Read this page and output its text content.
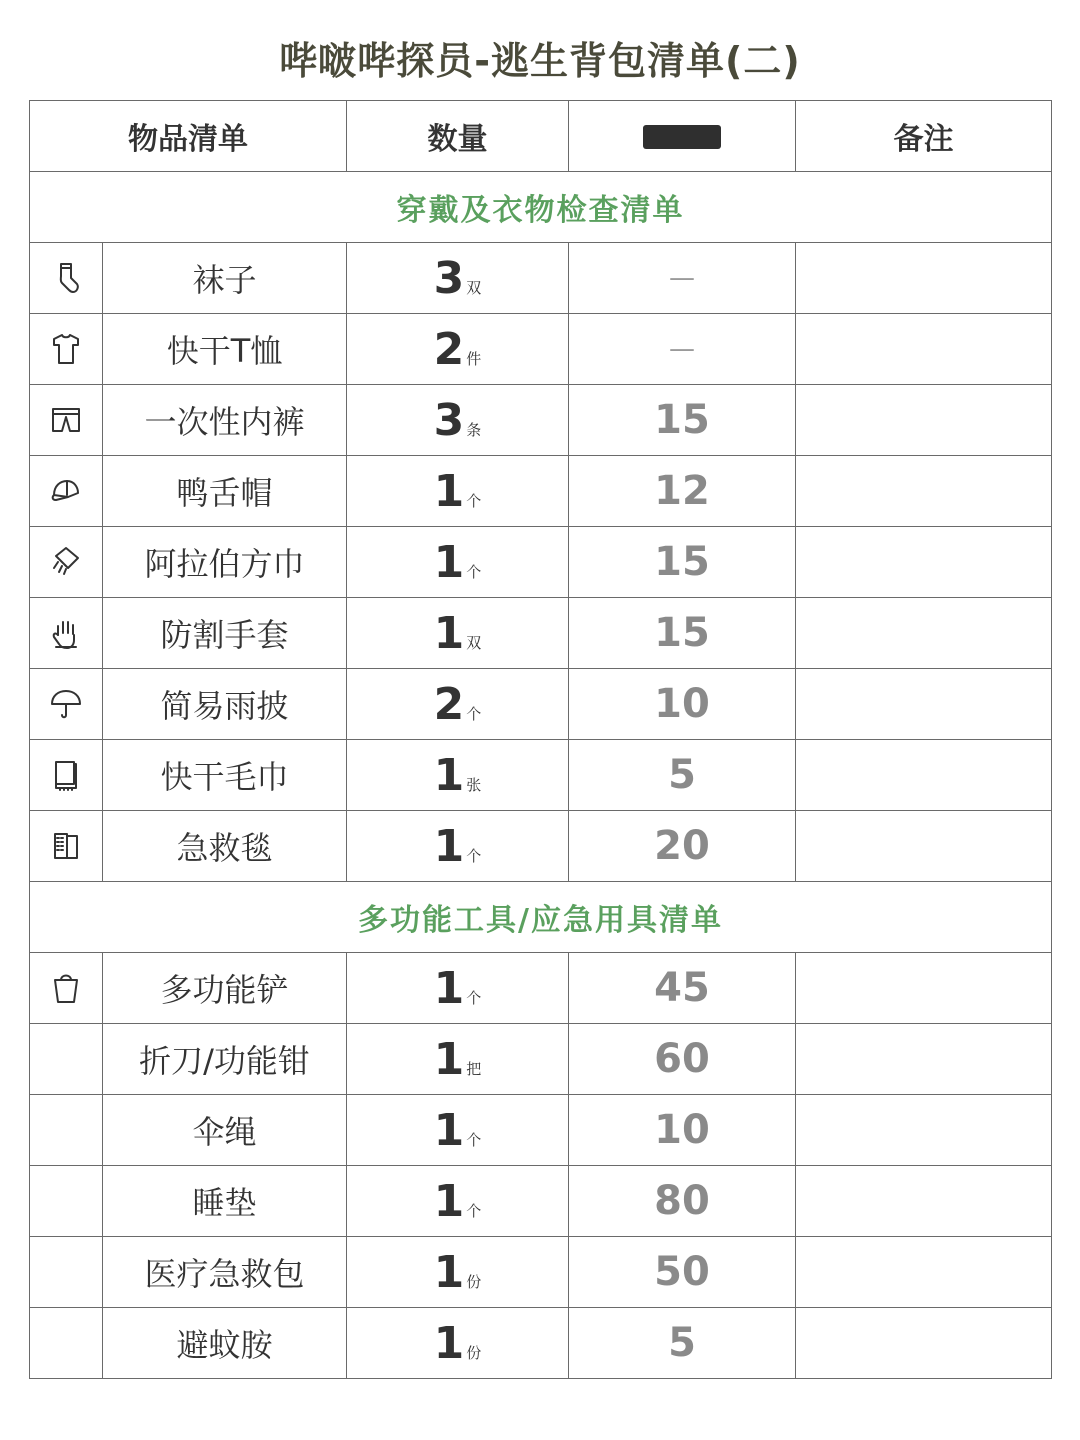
哔啵哔探员-逃生背包清单(二)
物品清单		数量		备注
穿戴及衣物检查清单				

	袜子	3 双	—	

	快干T恤	2 件	—	

	一次性内裤	3 条	15	

	鸭舌帽	1 个	12	

	阿拉伯方巾	1 个	15	

	防割手套	1 双	15	

	简易雨披	2 个	10	

	快干毛巾	1 张	5	

	急救毯	1 个	20	
多功能工具/应急用具清单				

	多功能铲	1 个	45	
	折刀/功能钳	1 把	60	
	伞绳	1 个	10	
	睡垫	1 个	80	
	医疗急救包	1 份	50	
	避蚊胺	1 份	5	
